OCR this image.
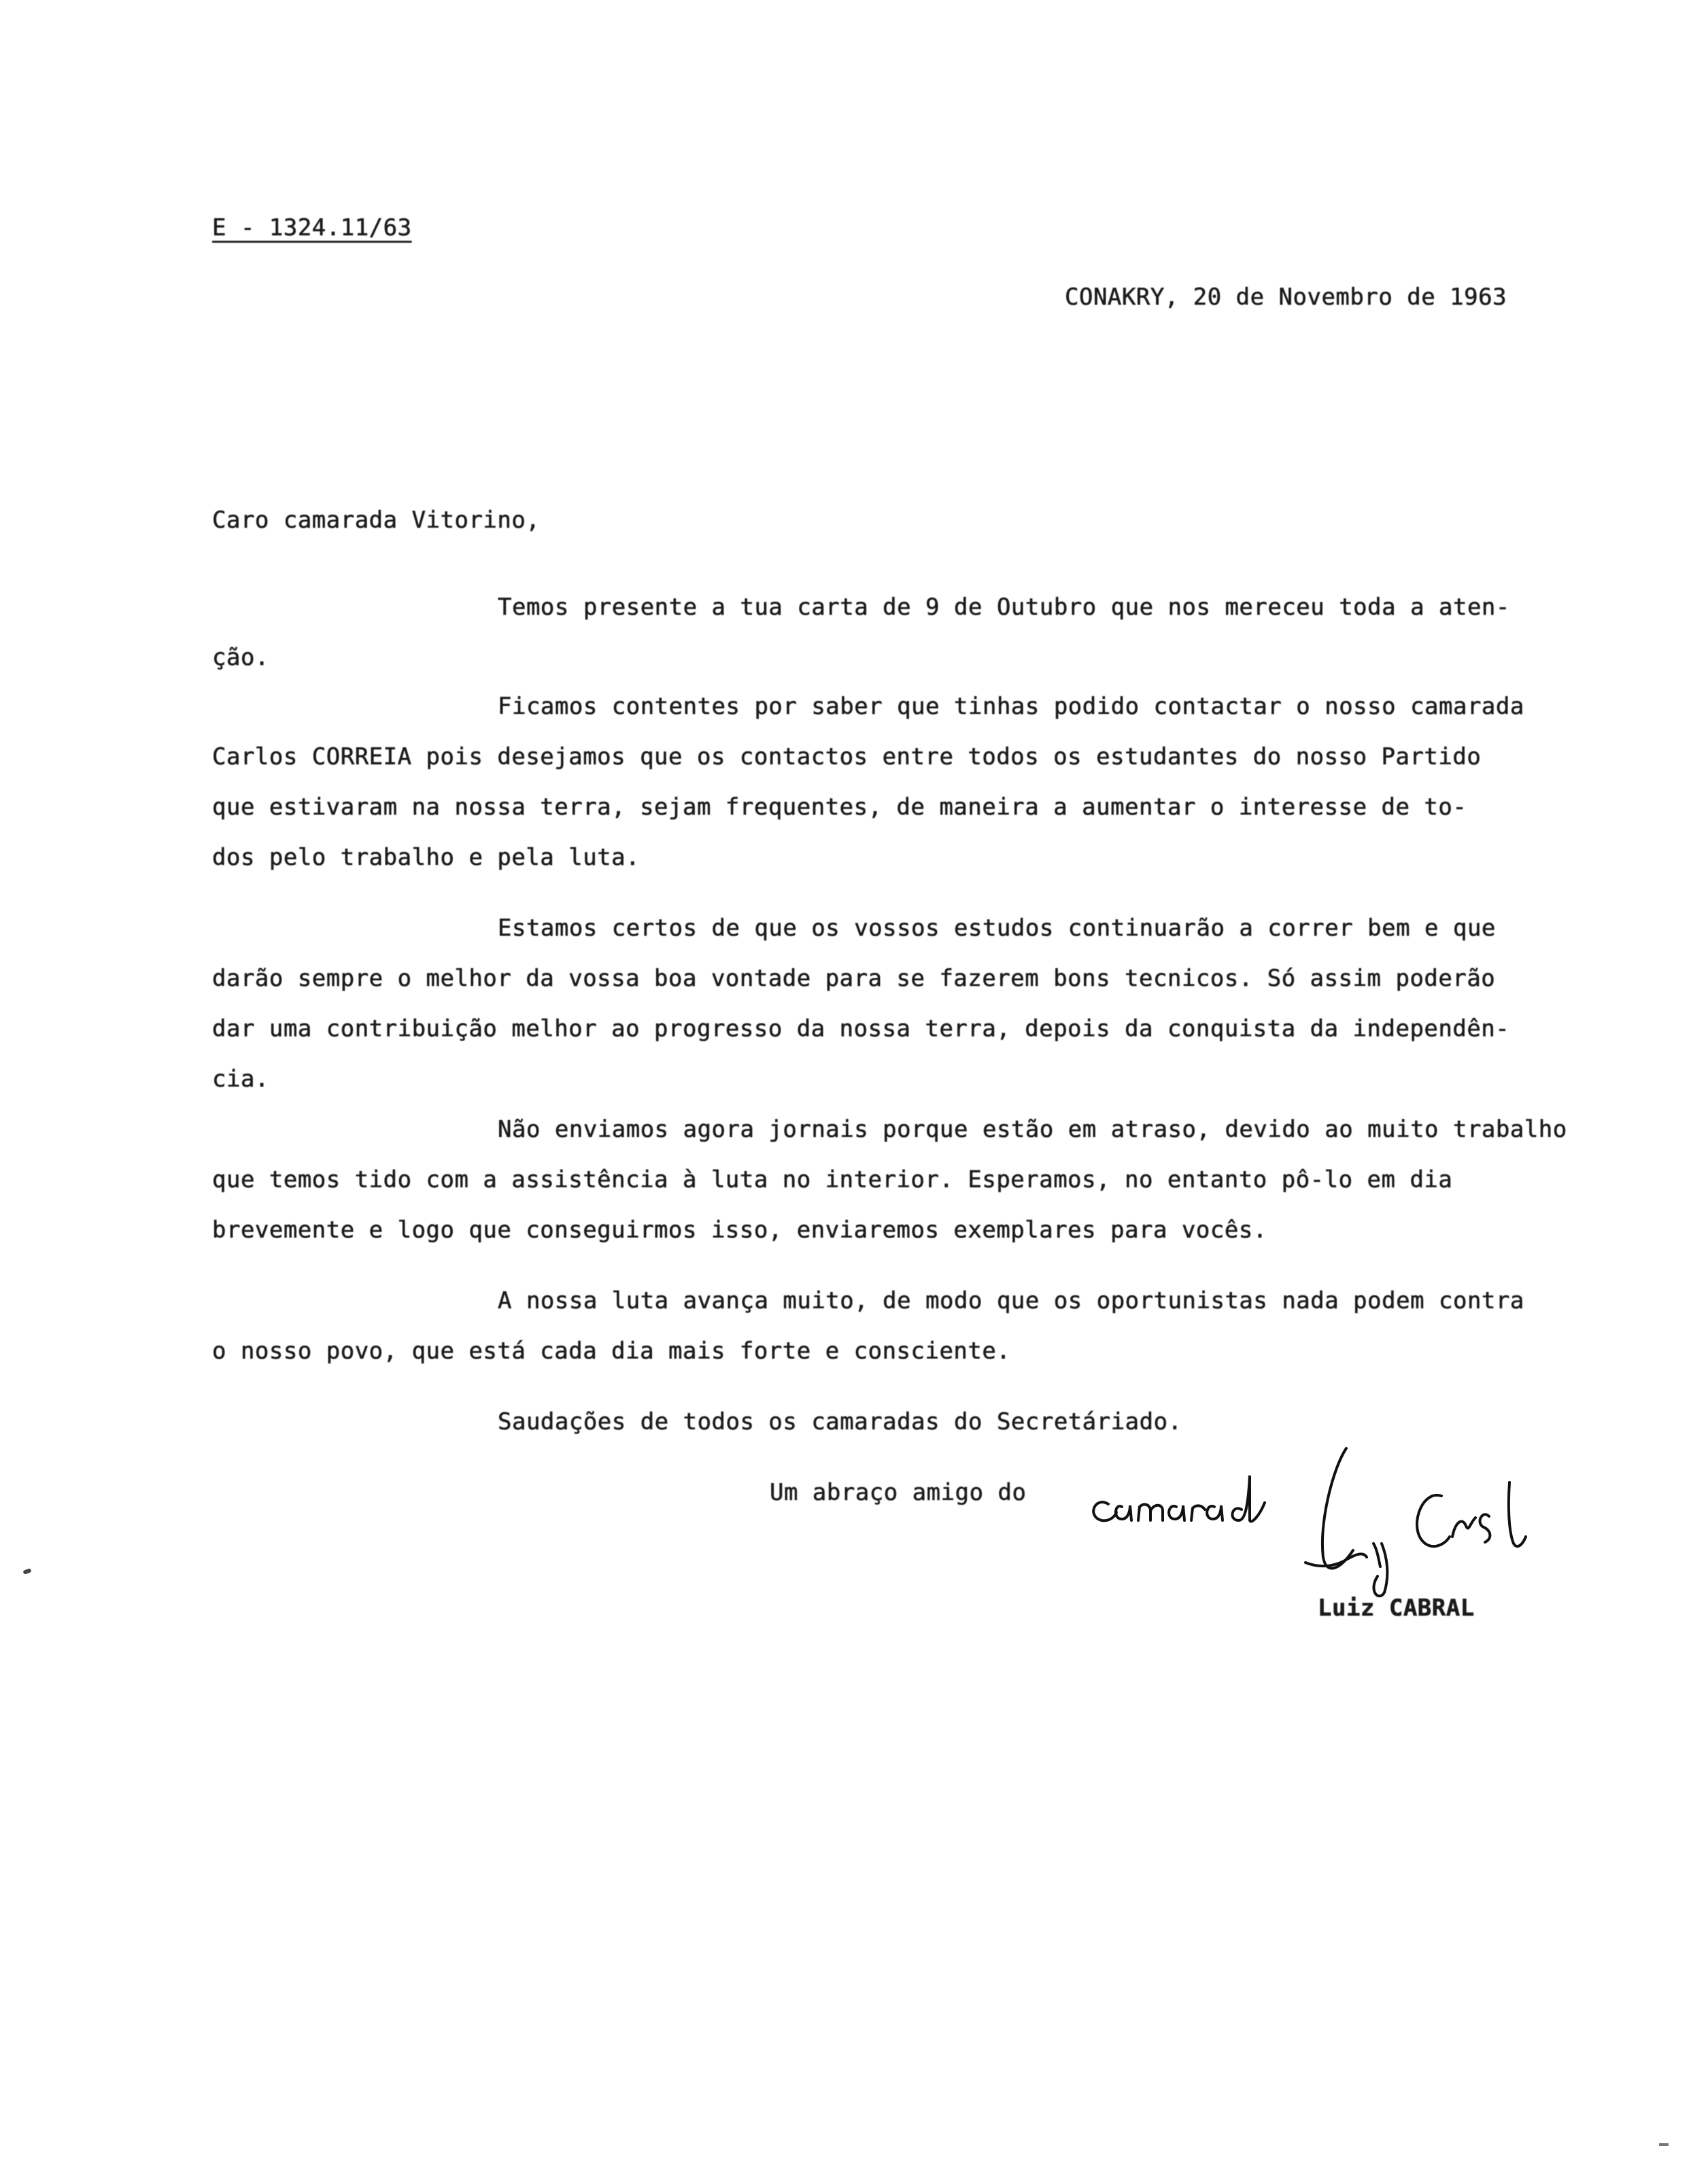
E - 1324.11/63
CONAKRY, 20 de Novembro de 1963
Caro camarada Vitorino,
Temos presente a tua carta de 9 de Outubro que nos mereceu toda a aten-
ção.
Ficamos contentes por saber que tinhas podido contactar o nosso camarada
Carlos CORREIA pois desejamos que os contactos entre todos os estudantes do nosso Partido
que estivaram na nossa terra, sejam frequentes, de maneira a aumentar o interesse de to-
dos pelo trabalho e pela luta.
Estamos certos de que os vossos estudos continuarão a correr bem e que
darão sempre o melhor da vossa boa vontade para se fazerem bons tecnicos. Só assim poderão
dar uma contribuição melhor ao progresso da nossa terra, depois da conquista da independên-
cia.
Não enviamos agora jornais porque estão em atraso, devido ao muito trabalho
que temos tido com a assistência à luta no interior. Esperamos, no entanto pô-lo em dia
brevemente e logo que conseguirmos isso, enviaremos exemplares para vocês.
A nossa luta avança muito, de modo que os oportunistas nada podem contra
o nosso povo, que está cada dia mais forte e consciente.
Saudações de todos os camaradas do Secretáriado.
Um abraço amigo do
Luiz CABRAL
